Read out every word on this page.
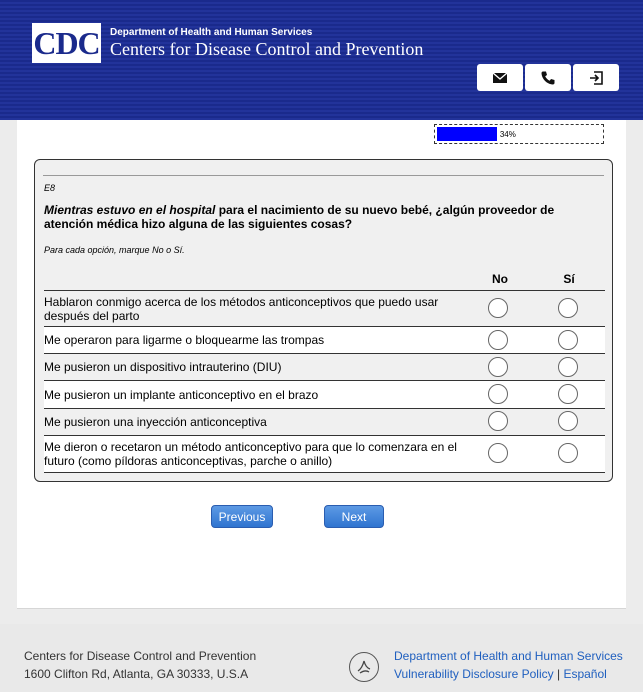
CDC Department of Health and Human Services
Centers for Disease Control and Prevention
34%
E8
Mientras estuvo en el hospital para el nacimiento de su nuevo bebé, ¿algún proveedor de atención médica hizo alguna de las siguientes cosas?
Para cada opción, marque No o Sí.
No	Sí
Hablaron conmigo acerca de los métodos anticonceptivos que puedo usar después del parto
Me operaron para ligarme o bloquearme las trompas
Me pusieron un dispositivo intrauterino (DIU)
Me pusieron un implante anticonceptivo en el brazo
Me pusieron una inyección anticonceptiva
Me dieron o recetaron un método anticonceptivo para que lo comenzara en el futuro (como píldoras anticonceptivas, parche o anillo)
Previous	Next
Centers for Disease Control and Prevention
1600 Clifton Rd, Atlanta, GA 30333, U.S.A
Department of Health and Human Services
Vulnerability Disclosure Policy | Español
